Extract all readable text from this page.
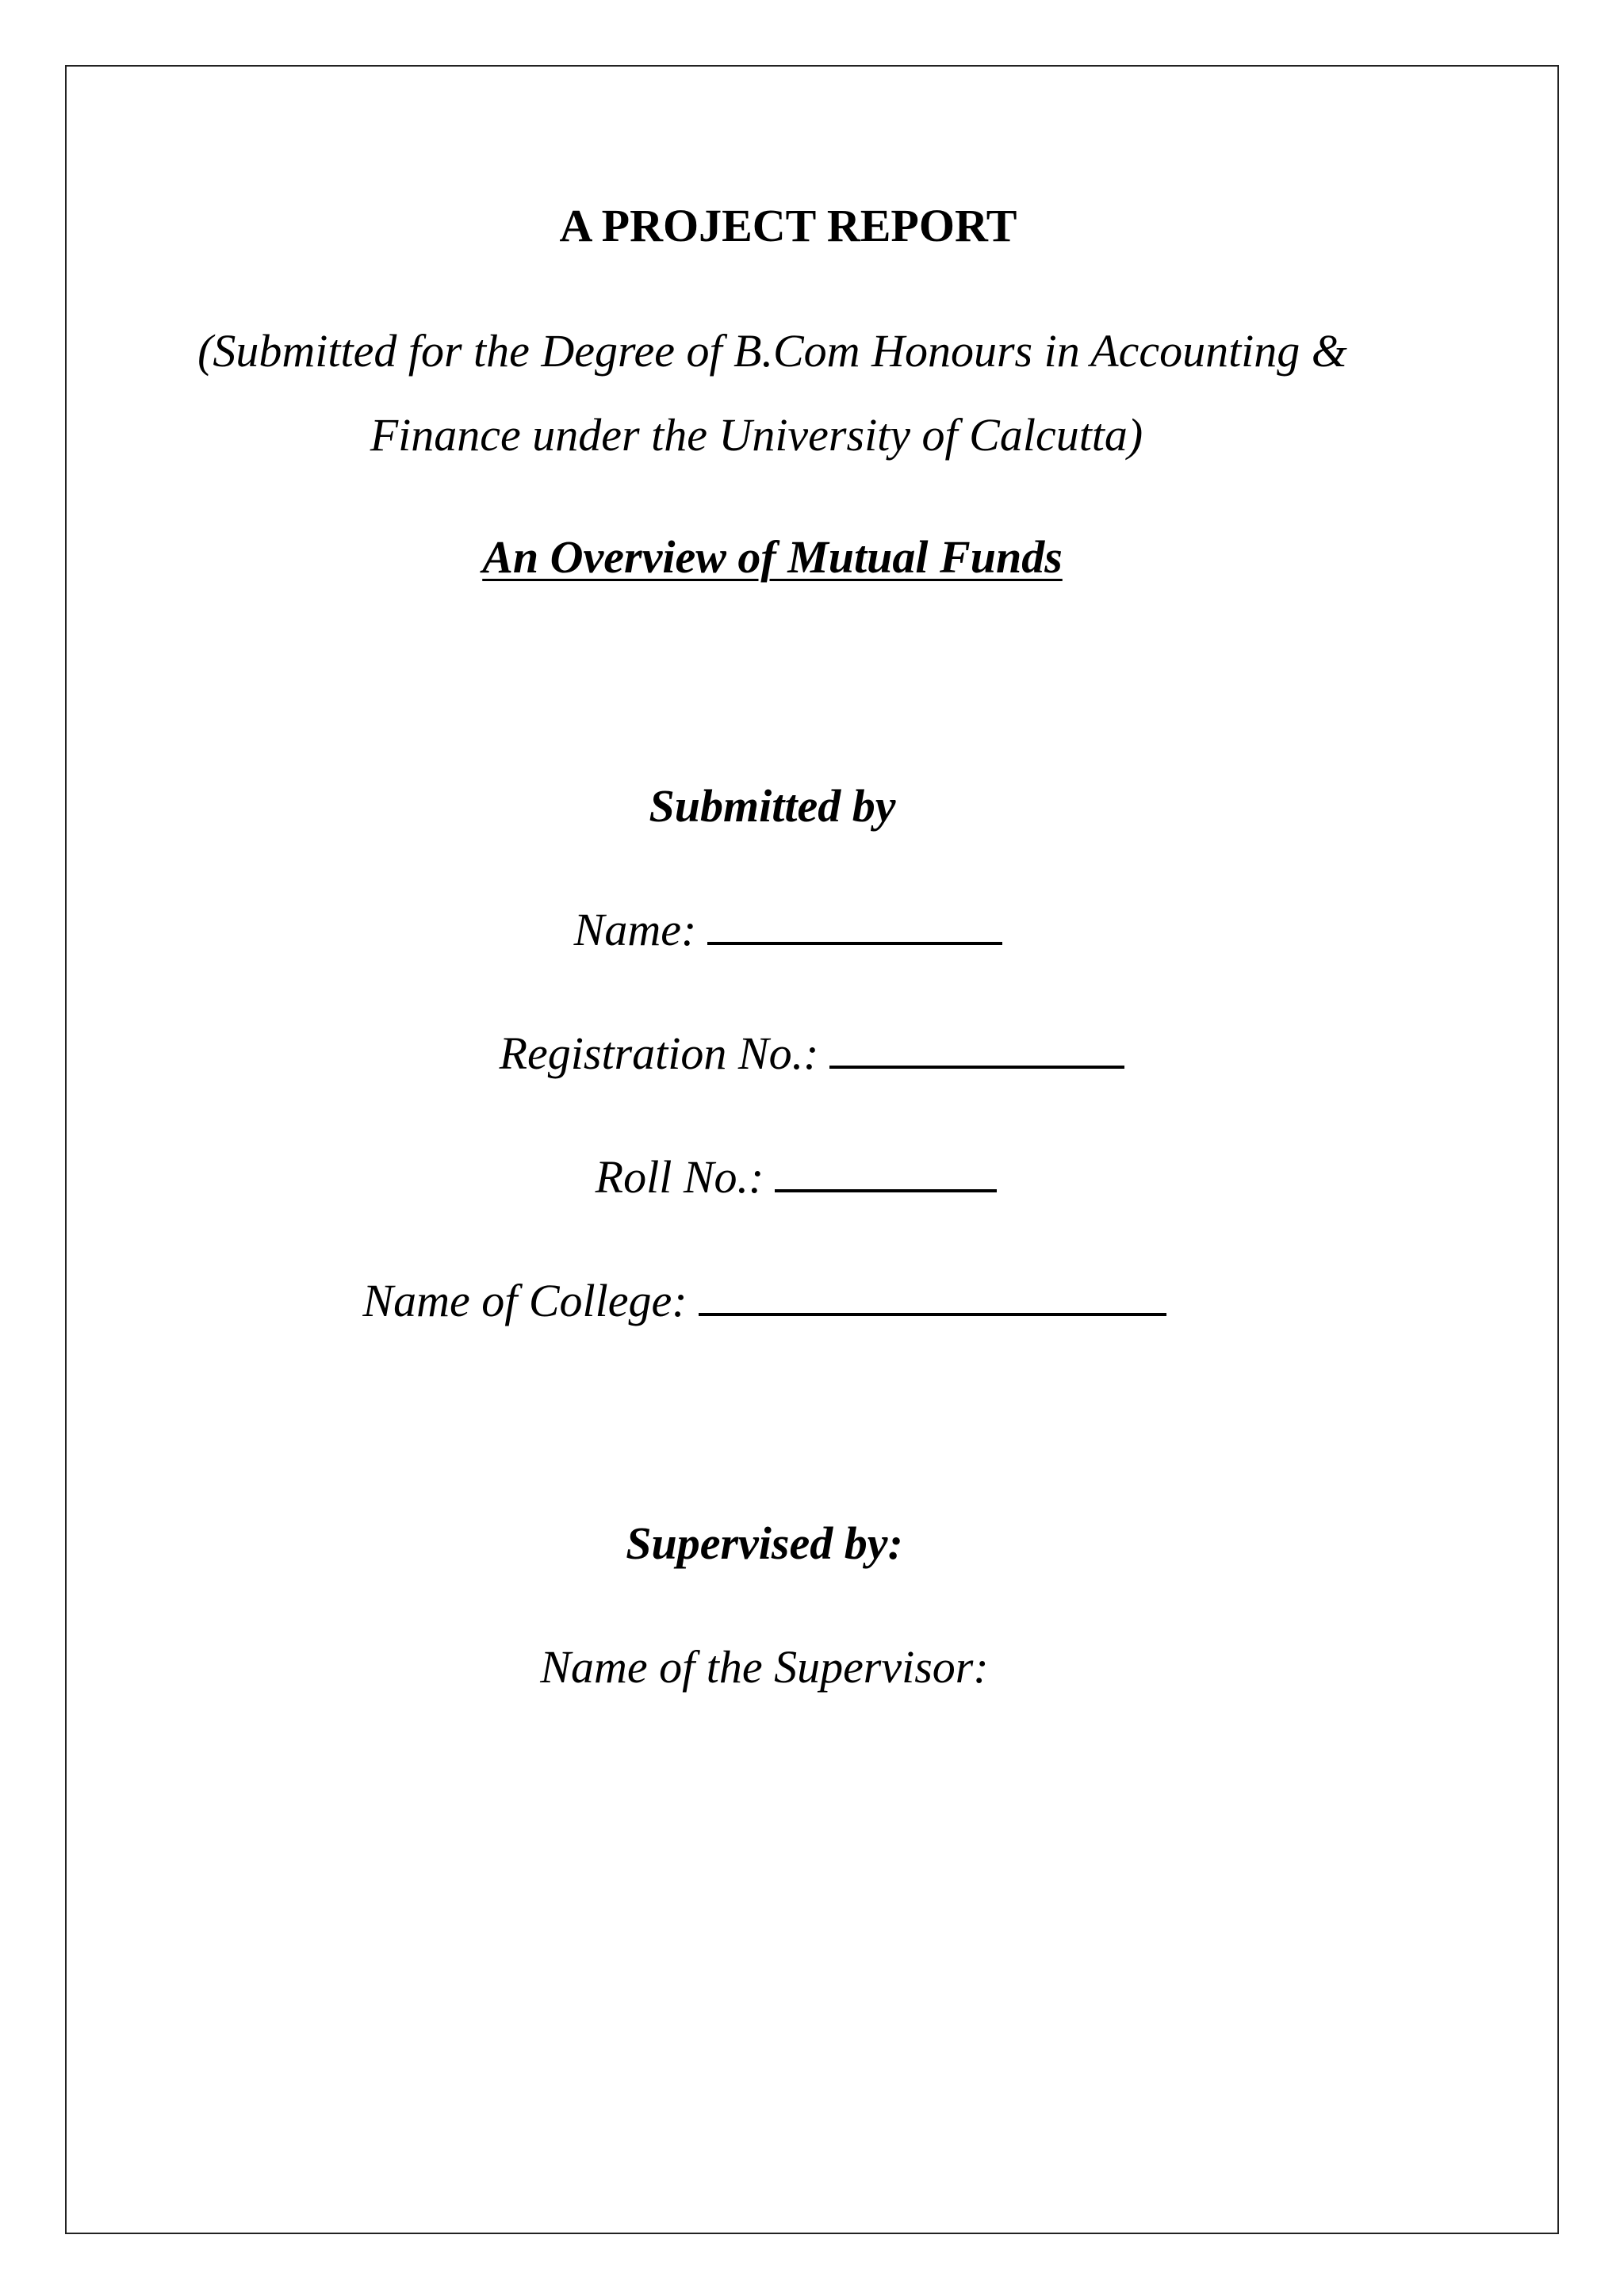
A PROJECT REPORT
(Submitted for the Degree of B.Com Honours in Accounting &
Finance under the University of Calcutta)
An Overview of Mutual Funds
Submitted by
Name:
Registration No.:
Roll No.:
Name of College:
Supervised by:
Name of the Supervisor:
